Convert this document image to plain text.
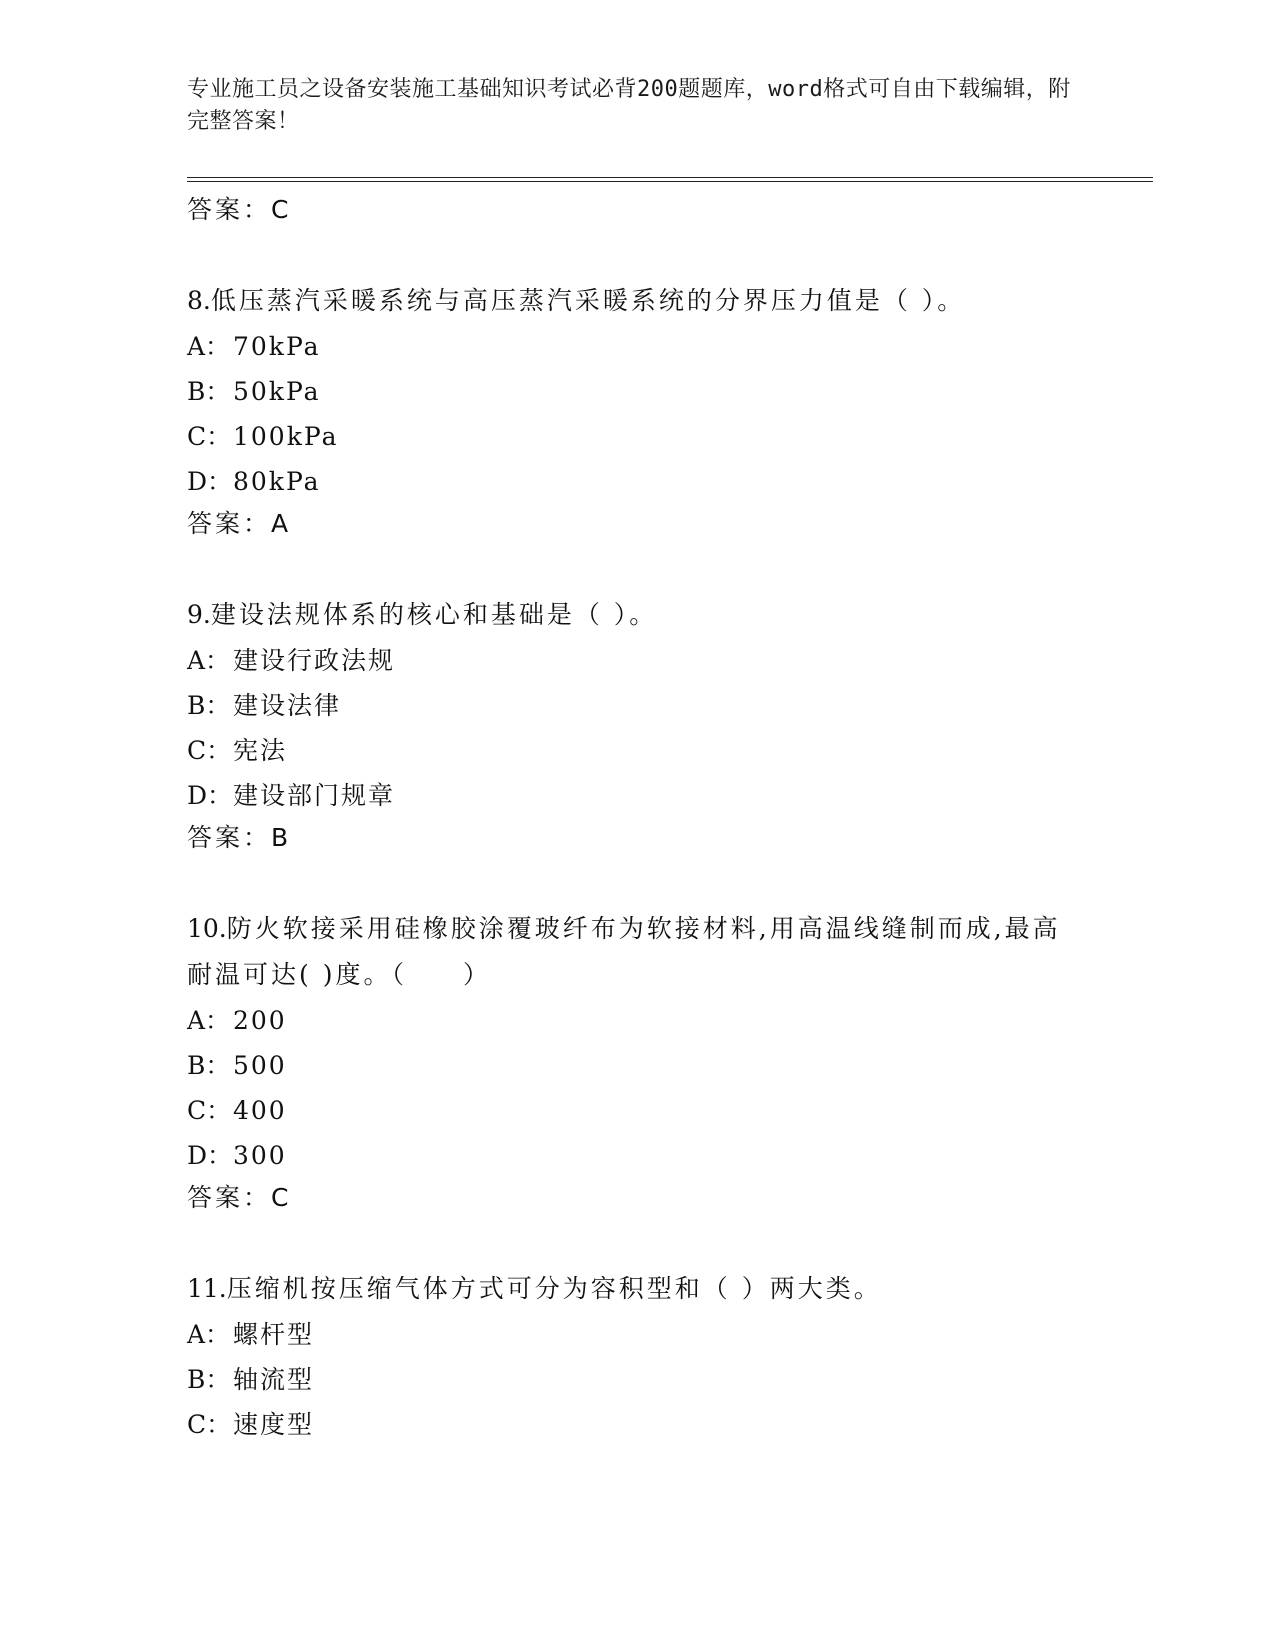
专业施工员之设备安装施工基础知识考试必背200题题库，word格式可自由下载编辑，附完整答案！

答案：C

8.低压蒸汽采暖系统与高压蒸汽采暖系统的分界压力值是（ ）。

A： 70kPa

B： 50kPa

C：100kPa

D：80kPa

答案：A

9.建设法规体系的核心和基础是（ ）。

A： 建设行政法规

B： 建设法律

C：宪法

D：建设部门规章

答案：B

10.防火软接采用硅橡胶涂覆玻纤布为软接材料,用高温线缝制而成,最高耐温可达( )度。（　　）

A： 200

B： 500

C：400

D：300

答案：C

11.压缩机按压缩气体方式可分为容积型和（ ）两大类。

A： 螺杆型

B： 轴流型

C：速度型
